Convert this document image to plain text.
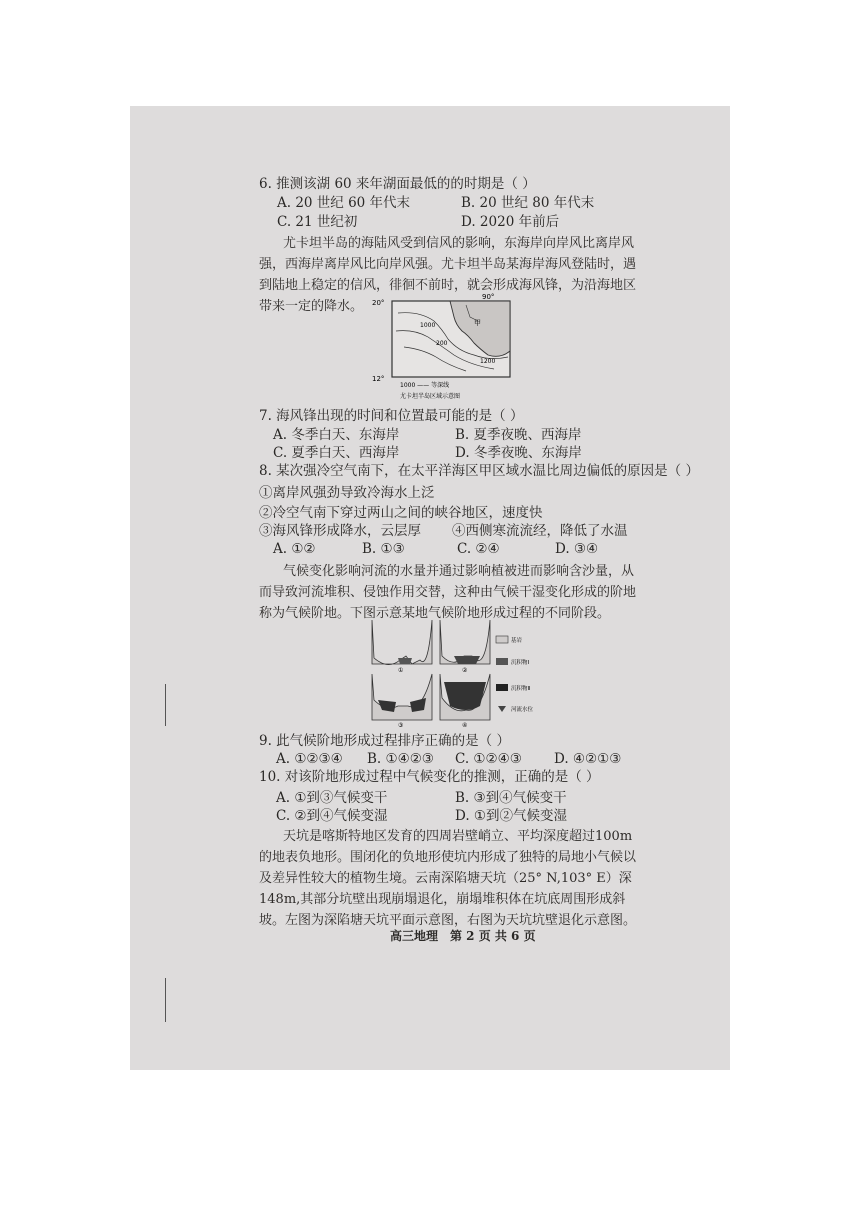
6. 推测该湖 60 来年湖面最低的的时期是（ ）
A. 20 世纪 60 年代末	B. 20 世纪 80 年代末
C. 21 世纪初	D. 2020 年前后
尤卡坦半岛的海陆风受到信风的影响，东海岸向岸风比离岸风强，西海岸离岸风比向岸风强。尤卡坦半岛某海岸海风登陆时，遇到陆地上稳定的信风，徘徊不前时，就会形成海风锋，为沿海地区带来一定的降水。	20°
12°
90°
1000
1200
200
甲
1000 —— 等深线
尤卡坦半岛区域示意图
7. 海风锋出现的时间和位置最可能的是（ ）
A. 冬季白天、东海岸	B. 夏季夜晚、西海岸
C. 夏季白天、西海岸	D. 冬季夜晚、东海岸
8. 某次强冷空气南下，在太平洋海区甲区域水温比周边偏低的原因是（ ）
①离岸风强劲导致冷海水上泛
②冷空气南下穿过两山之间的峡谷地区，速度快
③海风锋形成降水，云层厚 ④西侧寒流流经，降低了水温
A. ①②	B. ①③	C. ②④	D. ③④
气候变化影响河流的水量并通过影响植被进而影响含沙量，从而导致河流堆积、侵蚀作用交替，这种由气候干湿变化形成的阶地称为气候阶地。下图示意某地气候阶地形成过程的不同阶段。
①	②
③	④
基岩
沉积物Ⅰ
沉积物Ⅱ
河流水位
9. 此气候阶地形成过程排序正确的是（ ）
A. ①②③④ B. ①④②③ C. ①②④③ D. ④②①③
10. 对该阶地形成过程中气候变化的推测，正确的是（ ）
A. ①到③气候变干	B. ③到④气候变干
C. ②到④气候变湿	D. ①到②气候变湿
天坑是喀斯特地区发育的四周岩壁峭立、平均深度超过100m的地表负地形。围闭化的负地形使坑内形成了独特的局地小气候以及差异性较大的植物生境。云南深陷塘天坑（25° N,103° E）深 148m,其部分坑壁出现崩塌退化，崩塌堆积体在坑底周围形成斜坡。左图为深陷塘天坑平面示意图，右图为天坑坑壁退化示意图。
高三地理　第 2 页 共 6 页
